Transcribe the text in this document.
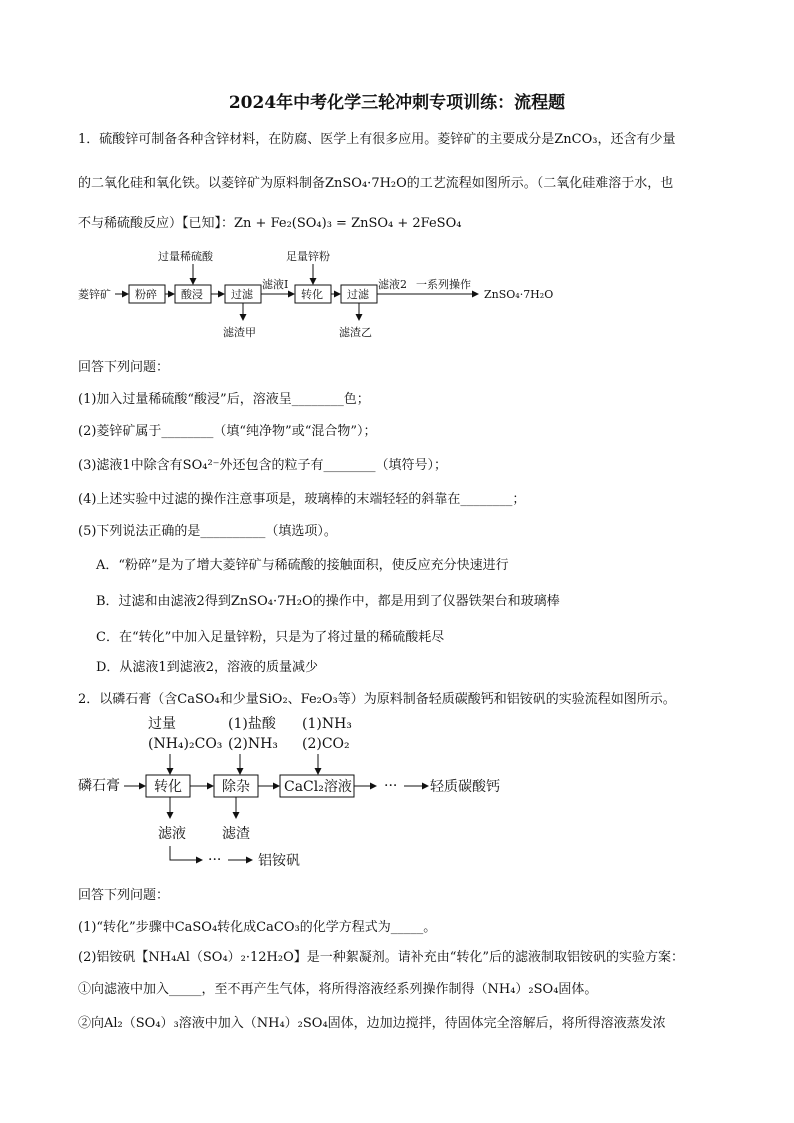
2024年中考化学三轮冲刺专项训练：流程题
1．硫酸锌可制备各种含锌材料，在防腐、医学上有很多应用。菱锌矿的主要成分是ZnCO₃，还含有少量
的二氧化硅和氧化铁。以菱锌矿为原料制备ZnSO₄·7H₂O的工艺流程如图所示。（二氧化硅难溶于水，也
不与稀硫酸反应）【已知】：Zn + Fe₂(SO₄)₃ = ZnSO₄ + 2FeSO₄
菱锌矿 粉碎 酸浸
过量稀硫酸
过滤
滤渣甲
滤液Ⅰ
转化
足量锌粉
过滤
滤渣乙
滤液2 一系列操作
ZnSO₄·7H₂O
回答下列问题：
(1)加入过量稀硫酸“酸浸”后，溶液呈________色；
(2)菱锌矿属于________（填“纯净物”或“混合物”）；
(3)滤液1中除含有SO₄²⁻外还包含的粒子有________（填符号）；
(4)上述实验中过滤的操作注意事项是，玻璃棒的末端轻轻的斜靠在________；
(5)下列说法正确的是__________（填选项）。
A．“粉碎”是为了增大菱锌矿与稀硫酸的接触面积，使反应充分快速进行
B．过滤和由滤液2得到ZnSO₄·7H₂O的操作中，都是用到了仪器铁架台和玻璃棒
C．在“转化”中加入足量锌粉，只是为了将过量的稀硫酸耗尽
D．从滤液1到滤液2，溶液的质量减少
2．以磷石膏（含CaSO₄和少量SiO₂、Fe₂O₃等）为原料制备轻质碳酸钙和铝铵矾的实验流程如图所示。
过量
(NH₄)₂CO₃
(1)盐酸
(2)NH₃
(1)NH₃
(2)CO₂
磷石膏 转化	除杂 CaCl₂溶液 ··· 轻质碳酸钙
滤液	滤渣
···	铝铵矾
回答下列问题：
(1)“转化”步骤中CaSO₄转化成CaCO₃的化学方程式为_____。
(2)铝铵矾【NH₄Al（SO₄）₂·12H₂O】是一种絮凝剂。请补充由“转化”后的滤液制取铝铵矾的实验方案：
①向滤液中加入_____，至不再产生气体，将所得溶液经系列操作制得（NH₄）₂SO₄固体。
②向Al₂（SO₄）₃溶液中加入（NH₄）₂SO₄固体，边加边搅拌，待固体完全溶解后，将所得溶液蒸发浓
